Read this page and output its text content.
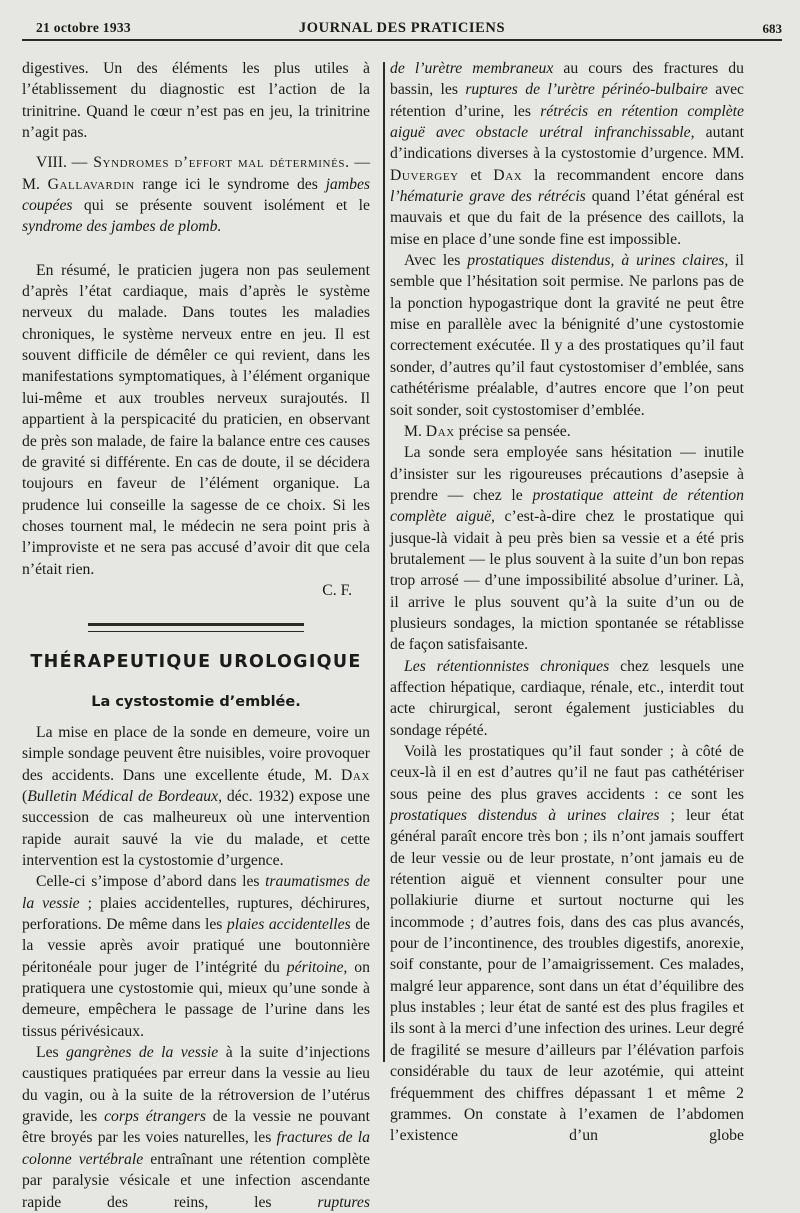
21 octobre 1933	JOURNAL DES PRATICIENS	683

digestives. Un des éléments les plus utiles à l’établissement du diagnostic est l’action de la trinitrine. Quand le cœur n’est pas en jeu, la trinitrine n’agit pas.

VIII. — Syndromes d’effort mal déterminés. — M. Gallavardin range ici le syndrome des jambes coupées qui se présente souvent isolément et le syndrome des jambes de plomb.

En résumé, le praticien jugera non pas seulement d’après l’état cardiaque, mais d’après le système nerveux du malade. Dans toutes les maladies chroniques, le système nerveux entre en jeu. Il est souvent difficile de démêler ce qui revient, dans les manifestations symptomatiques, à l’élément organique lui-même et aux troubles nerveux surajoutés. Il appartient à la perspicacité du praticien, en observant de près son malade, de faire la balance entre ces causes de gravité si différente. En cas de doute, il se décidera toujours en faveur de l’élément organique. La prudence lui conseille la sagesse de ce choix. Si les choses tournent mal, le médecin ne sera point pris à l’improviste et ne sera pas accusé d’avoir dit que cela n’était rien.

C. F.

THÉRAPEUTIQUE UROLOGIQUE
La cystostomie d’emblée.

La mise en place de la sonde en demeure, voire un simple sondage peuvent être nuisibles, voire provoquer des accidents. Dans une excellente étude, M. Dax (Bulletin Médical de Bordeaux, déc. 1932) expose une succession de cas malheureux où une intervention rapide aurait sauvé la vie du malade, et cette intervention est la cystostomie d’urgence.

Celle-ci s’impose d’abord dans les traumatismes de la vessie ; plaies accidentelles, ruptures, déchirures, perforations. De même dans les plaies accidentelles de la vessie après avoir pratiqué une boutonnière péritonéale pour juger de l’intégrité du péritoine, on pratiquera une cystostomie qui, mieux qu’une sonde à demeure, empêchera le passage de l’urine dans les tissus périvésicaux.

Les gangrènes de la vessie à la suite d’injections caustiques pratiquées par erreur dans la vessie au lieu du vagin, ou à la suite de la rétroversion de l’utérus gravide, les corps étrangers de la vessie ne pouvant être broyés par les voies naturelles, les fractures de la colonne vertébrale entraînant une rétention complète par paralysie vésicale et une infection ascendante rapide des reins, les ruptures

de l’urètre membraneux au cours des fractures du bassin, les ruptures de l’urètre périnéo-bulbaire avec rétention d’urine, les rétrécis en rétention complète aiguë avec obstacle urétral infranchissable, autant d’indications diverses à la cystostomie d’urgence. MM. Duvergey et Dax la recommandent encore dans l’hématurie grave des rétrécis quand l’état général est mauvais et que du fait de la présence des caillots, la mise en place d’une sonde fine est impossible.

Avec les prostatiques distendus, à urines claires, il semble que l’hésitation soit permise. Ne parlons pas de la ponction hypogastrique dont la gravité ne peut être mise en parallèle avec la bénignité d’une cystostomie correctement exécutée. Il y a des prostatiques qu’il faut sonder, d’autres qu’il faut cystostomiser d’emblée, sans cathétérisme préalable, d’autres encore que l’on peut soit sonder, soit cystostomiser d’emblée.

M. Dax précise sa pensée.

La sonde sera employée sans hésitation — inutile d’insister sur les rigoureuses précautions d’asepsie à prendre — chez le prostatique atteint de rétention complète aiguë, c’est-à-dire chez le prostatique qui jusque-là vidait à peu près bien sa vessie et a été pris brutalement — le plus souvent à la suite d’un bon repas trop arrosé — d’une impossibilité absolue d’uriner. Là, il arrive le plus souvent qu’à la suite d’un ou de plusieurs sondages, la miction spontanée se rétablisse de façon satisfaisante.

Les rétentionnistes chroniques chez lesquels une affection hépatique, cardiaque, rénale, etc., interdit tout acte chirurgical, seront également justiciables du sondage répété.

Voilà les prostatiques qu’il faut sonder ; à côté de ceux-là il en est d’autres qu’il ne faut pas cathétériser sous peine des plus graves accidents : ce sont les prostatiques distendus à urines claires ; leur état général paraît encore très bon ; ils n’ont jamais souffert de leur vessie ou de leur prostate, n’ont jamais eu de rétention aiguë et viennent consulter pour une pollakiurie diurne et surtout nocturne qui les incommode ; d’autres fois, dans des cas plus avancés, pour de l’incontinence, des troubles digestifs, anorexie, soif constante, pour de l’amaigrissement. Ces malades, malgré leur apparence, sont dans un état d’équilibre des plus instables ; leur état de santé est des plus fragiles et ils sont à la merci d’une infection des urines. Leur degré de fragilité se mesure d’ailleurs par l’élévation parfois considérable du taux de leur azotémie, qui atteint fréquemment des chiffres dépassant 1 et même 2 grammes. On constate à l’examen de l’abdomen l’existence d’un globe
